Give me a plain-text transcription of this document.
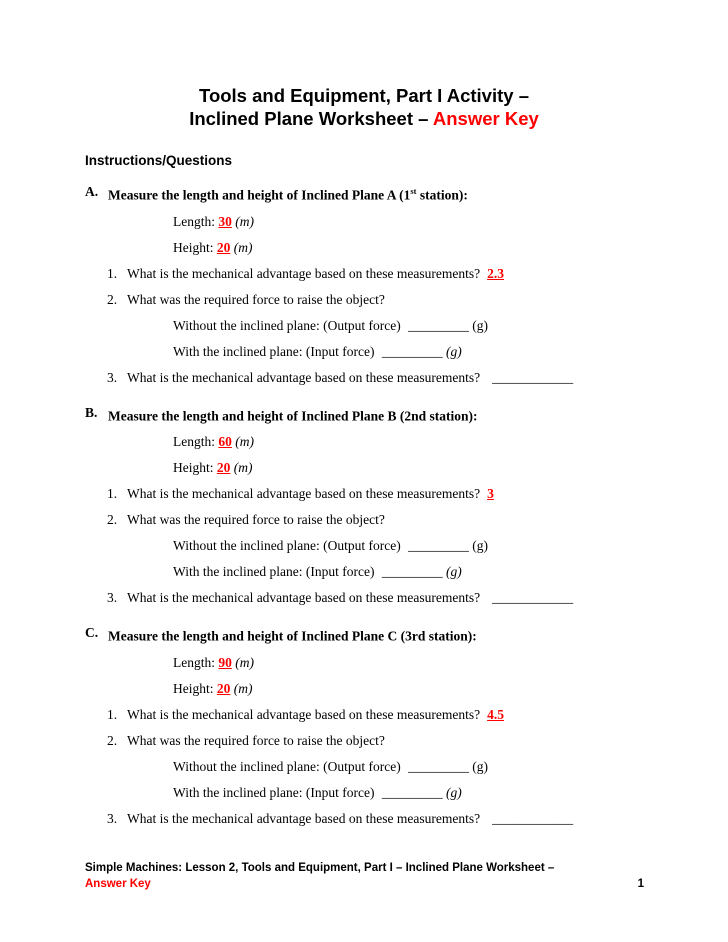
Tools and Equipment, Part I Activity –
Inclined Plane Worksheet – Answer Key
Instructions/Questions
A. Measure the length and height of Inclined Plane A (1st station):
Length: 30 (m)
Height: 20 (m)
1. What is the mechanical advantage based on these measurements? 2.3
2. What was the required force to raise the object?
Without the inclined plane: (Output force) _________ (g)
With the inclined plane: (Input force) _________ (g)
3. What is the mechanical advantage based on these measurements? ____________
B. Measure the length and height of Inclined Plane B (2nd station):
Length: 60 (m)
Height: 20 (m)
1. What is the mechanical advantage based on these measurements? 3
2. What was the required force to raise the object?
Without the inclined plane: (Output force) _________ (g)
With the inclined plane: (Input force) _________ (g)
3. What is the mechanical advantage based on these measurements? ____________
C. Measure the length and height of Inclined Plane C (3rd station):
Length: 90 (m)
Height: 20 (m)
1. What is the mechanical advantage based on these measurements? 4.5
2. What was the required force to raise the object?
Without the inclined plane: (Output force) _________ (g)
With the inclined plane: (Input force) _________ (g)
3. What is the mechanical advantage based on these measurements? ____________
Simple Machines: Lesson 2, Tools and Equipment, Part I – Inclined Plane Worksheet –
Answer Key	1
